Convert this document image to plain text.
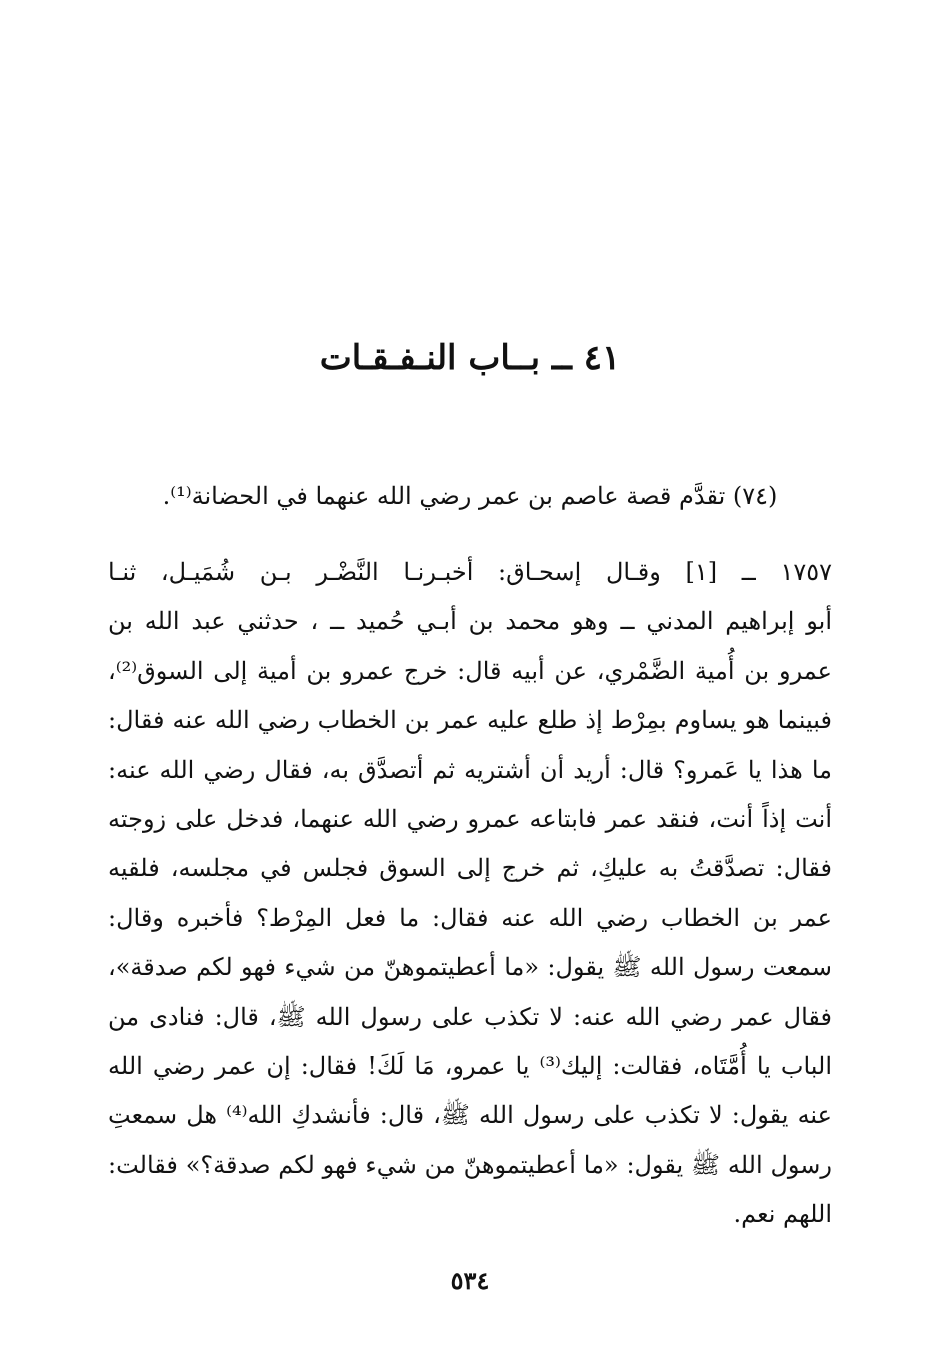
٤١ ــ بــاب النـفـقـات
(٧٤) تقدَّم قصة عاصم بن عمر رضي الله عنهما في الحضانة⁽¹⁾.
١٧٥٧ ــ [١] وقـال إسحـاق: أخبـرنـا النَّضْـر بـن شُمَيـل، ثنـا
أبو إبراهيم المدني ــ وهو محمد بن أبـي حُميد ــ ، حدثني عبد الله بن
عمرو بن أُمية الضَّمْري، عن أبيه قال: خرج عمرو بن أمية إلى السوق⁽²⁾،
فبينما هو يساوم بمِرْط إذ طلع عليه عمر بن الخطاب رضي الله عنه فقال:
ما هذا يا عَمرو؟ قال: أريد أن أشتريه ثم أتصدَّق به، فقال رضي الله عنه:
أنت إذاً أنت، فنقد عمر فابتاعه عمرو رضي الله عنهما، فدخل على زوجته
فقال: تصدَّقتُ به عليكِ، ثم خرج إلى السوق فجلس في مجلسه، فلقيه
عمر بن الخطاب رضي الله عنه فقال: ما فعل المِرْط؟ فأخبره وقال:
سمعت رسول الله ﷺ يقول: «ما أعطيتموهنّ من شيء فهو لكم صدقة»،
فقال عمر رضي الله عنه: لا تكذب على رسول الله ﷺ، قال: فنادى من
الباب يا أُمَّتَاه، فقالت: إليك⁽³⁾ يا عمرو، مَا لَكَ! فقال: إن عمر رضي الله
عنه يقول: لا تكذب على رسول الله ﷺ، قال: فأنشدكِ الله⁽⁴⁾ هل سمعتِ
رسول الله ﷺ يقول: «ما أعطيتموهنّ من شيء فهو لكم صدقة؟» فقالت:
اللهم نعم.
٥٣٤
